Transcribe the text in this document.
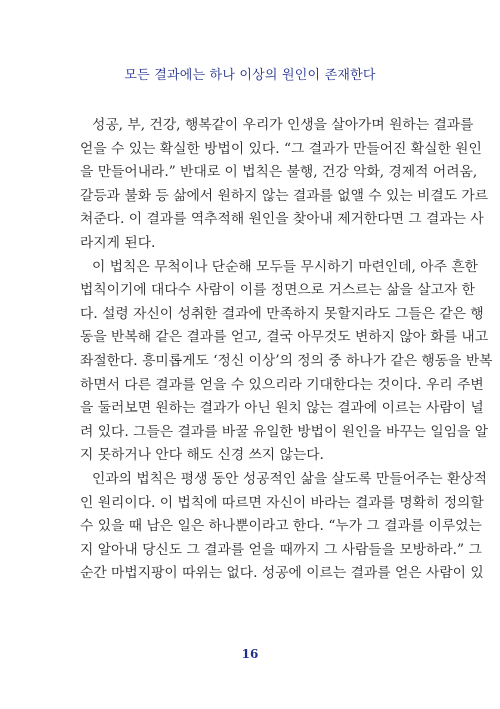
모든 결과에는 하나 이상의 원인이 존재한다
성공, 부, 건강, 행복같이 우리가 인생을 살아가며 원하는 결과를
얻을 수 있는 확실한 방법이 있다. “그 결과가 만들어진 확실한 원인
을 만들어내라.” 반대로 이 법칙은 불행, 건강 악화, 경제적 어려움,
갈등과 불화 등 삶에서 원하지 않는 결과를 없앨 수 있는 비결도 가르
쳐준다. 이 결과를 역추적해 원인을 찾아내 제거한다면 그 결과는 사
라지게 된다.
이 법칙은 무척이나 단순해 모두들 무시하기 마련인데, 아주 흔한
법칙이기에 대다수 사람이 이를 정면으로 거스르는 삶을 살고자 한
다. 설령 자신이 성취한 결과에 만족하지 못할지라도 그들은 같은 행
동을 반복해 같은 결과를 얻고, 결국 아무것도 변하지 않아 화를 내고
좌절한다. 흥미롭게도 ‘정신 이상’의 정의 중 하나가 같은 행동을 반복
하면서 다른 결과를 얻을 수 있으리라 기대한다는 것이다. 우리 주변
을 둘러보면 원하는 결과가 아닌 원치 않는 결과에 이르는 사람이 널
려 있다. 그들은 결과를 바꿀 유일한 방법이 원인을 바꾸는 일임을 알
지 못하거나 안다 해도 신경 쓰지 않는다.
인과의 법칙은 평생 동안 성공적인 삶을 살도록 만들어주는 환상적
인 원리이다. 이 법칙에 따르면 자신이 바라는 결과를 명확히 정의할
수 있을 때 남은 일은 하나뿐이라고 한다. “누가 그 결과를 이루었는
지 알아내 당신도 그 결과를 얻을 때까지 그 사람들을 모방하라.” 그
순간 마법지팡이 따위는 없다. 성공에 이르는 결과를 얻은 사람이 있
16
